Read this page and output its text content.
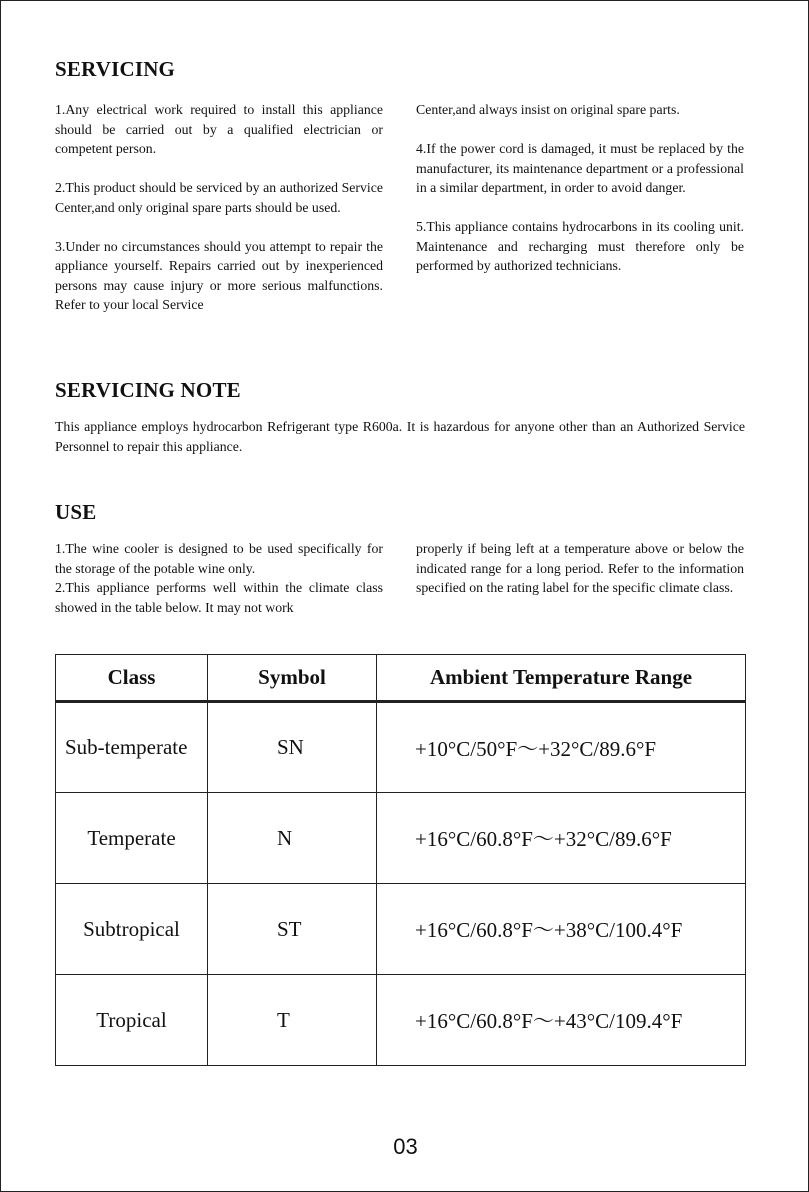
SERVICING

1.Any electrical work required to install this appliance should be carried out by a qualified electrician or competent person.

2.This product should be serviced by an authorized Service Center,and only original spare parts should be used.

3.Under no circumstances should you attempt to repair the appliance yourself. Repairs carried out by inexperienced persons may cause injury or more serious malfunctions. Refer to your local Service

Center,and always insist on original spare parts.

4.If the power cord is damaged, it must be replaced by the manufacturer, its maintenance department or a professional in a similar department, in order to avoid danger.

5.This appliance contains hydrocarbons in its cooling unit. Maintenance and recharging must therefore only be performed by authorized technicians.

SERVICING NOTE

This appliance employs hydrocarbon Refrigerant type R600a. It is hazardous for anyone other than an Authorized Service Personnel to repair this appliance.

USE
1.The wine cooler is designed to be used specifically for the storage of the potable wine only.
2.This appliance performs well within the climate class showed in the table below. It may not work

properly if being left at a temperature above or below the indicated range for a long period. Refer to the information specified on the rating label for the specific climate class.

Class	Symbol	Ambient Temperature Range
Sub-temperate	SN	+10°C/50°F～+32°C/89.6°F
Temperate	N	+16°C/60.8°F～+32°C/89.6°F
Subtropical	ST	+16°C/60.8°F～+38°C/100.4°F
Tropical	T	+16°C/60.8°F～+43°C/109.4°F
03
